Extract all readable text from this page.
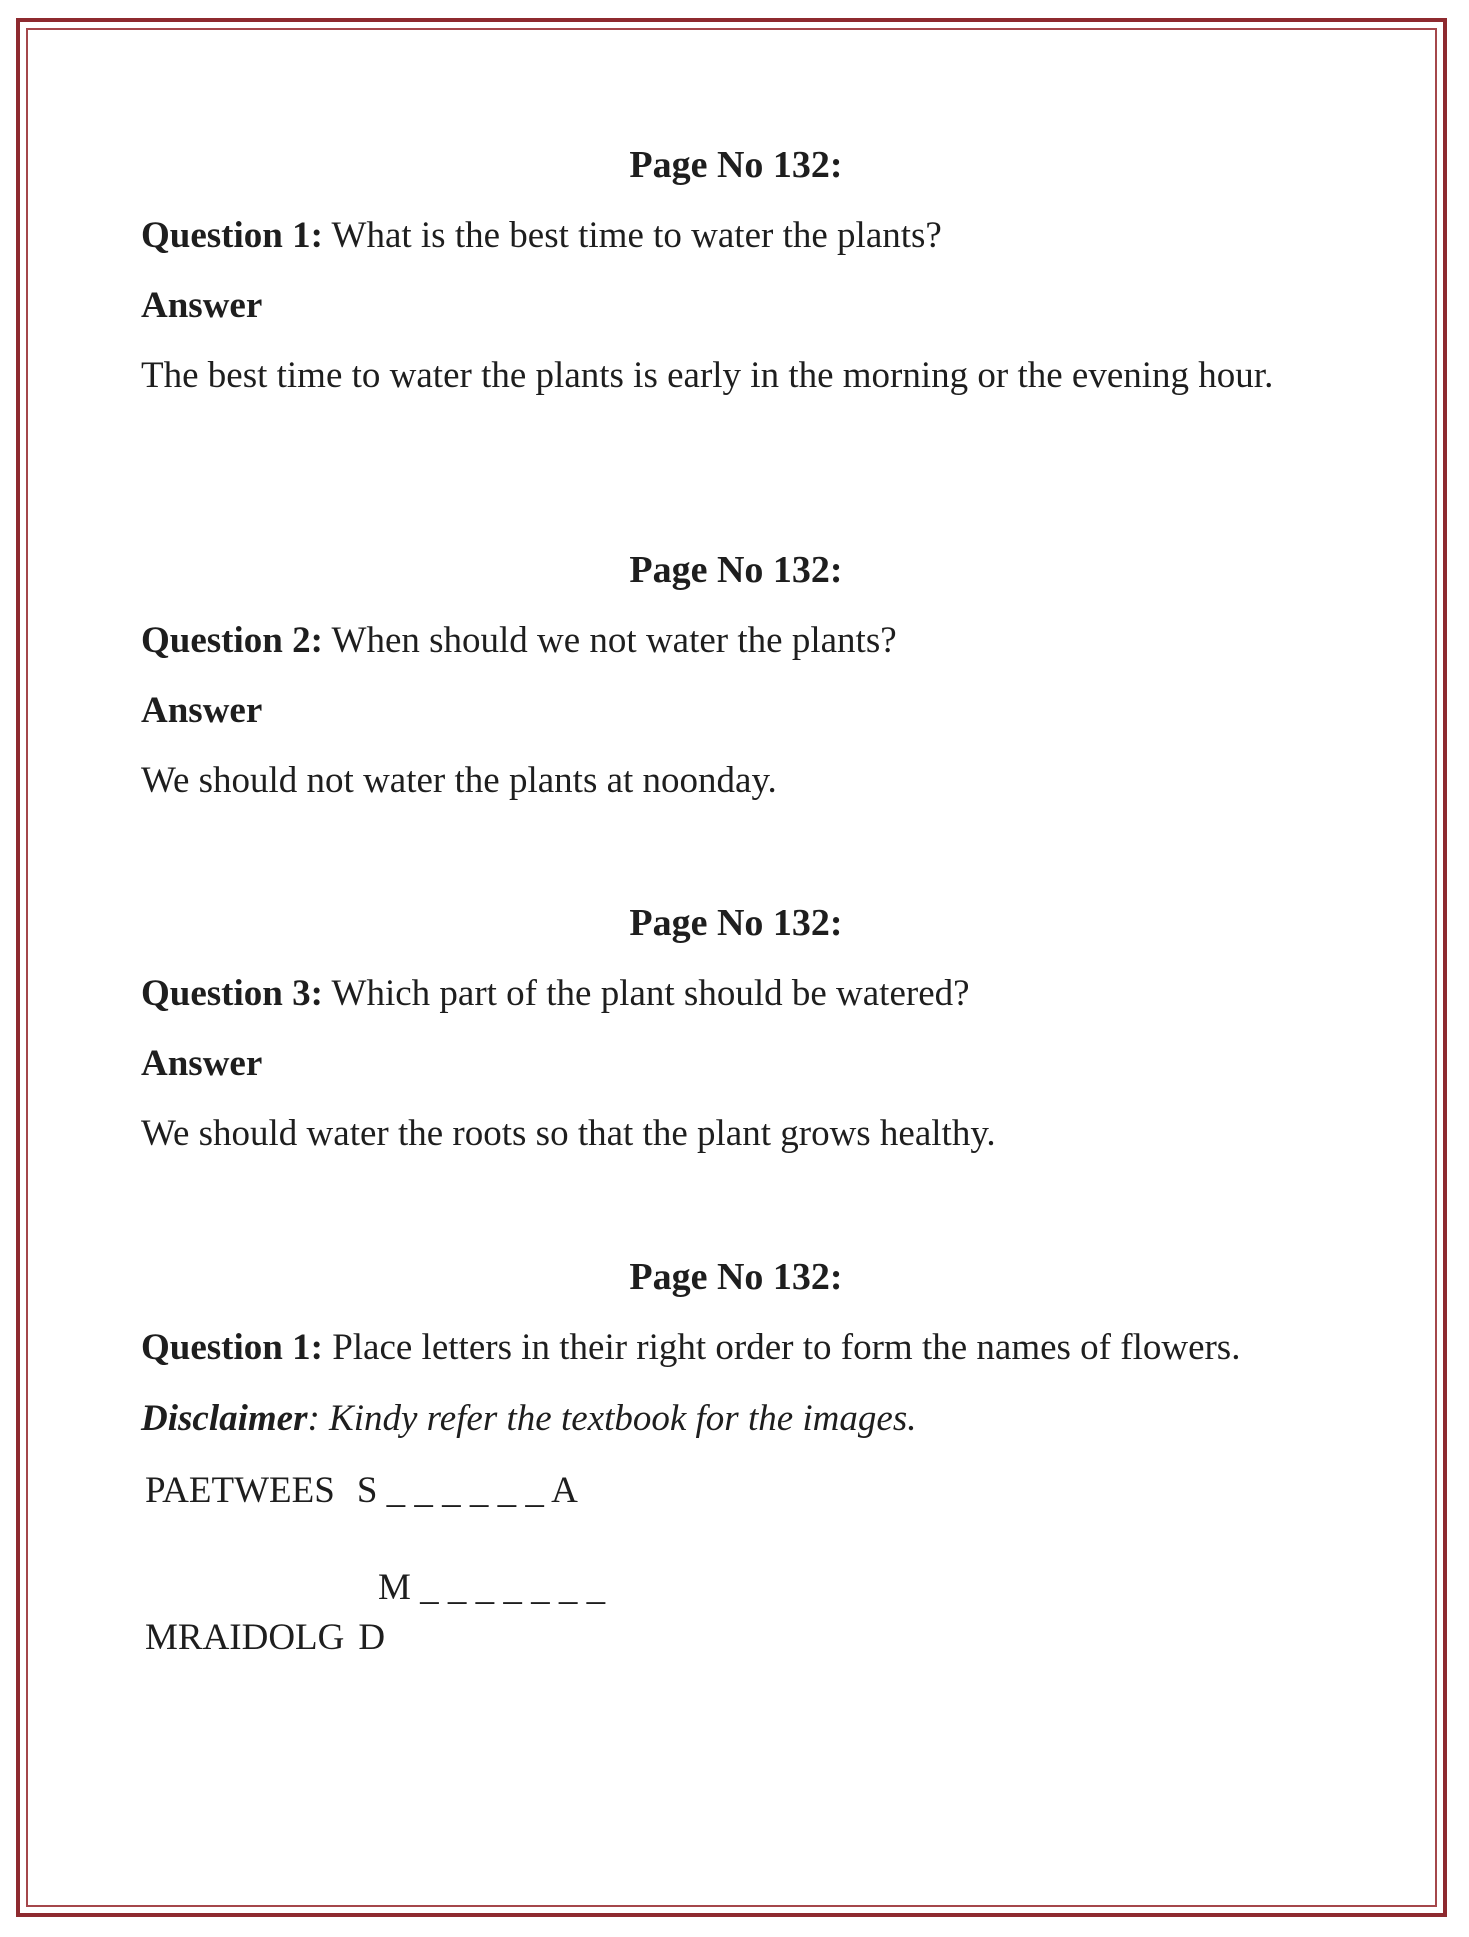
Page No 132:

Question 1: What is the best time to water the plants?

Answer

The best time to water the plants is early in the morning or the evening hour.

Page No 132:

Question 2: When should we not water the plants?

Answer

We should not water the plants at noonday.

Page No 132:

Question 3: Which part of the plant should be watered?

Answer

We should water the roots so that the plant grows healthy.

Page No 132:

Question 1: Place letters in their right order to form the names of flowers.

Disclaimer: Kindy refer the textbook for the images.

PAETWEES S _ _ _ _ _ _ A

M _ _ _ _ _ _ _

MRAIDOLG D
